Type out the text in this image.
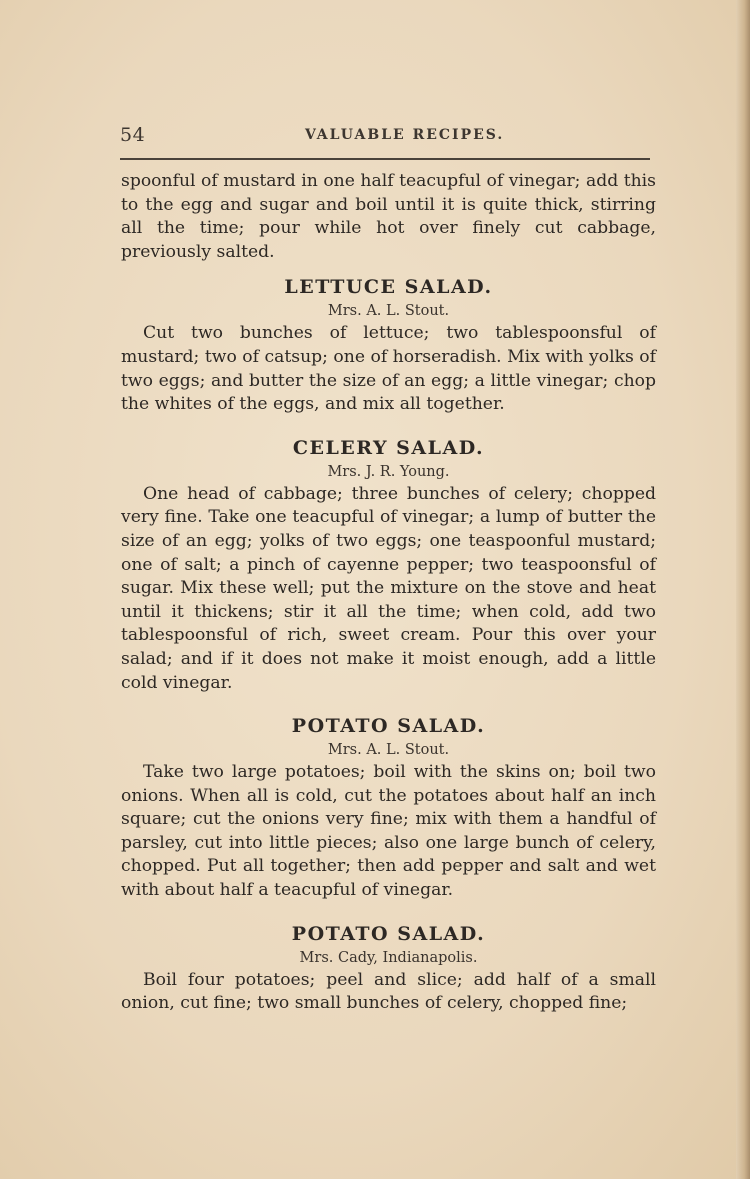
54	VALUABLE RECIPES.

spoonful of mustard in one half teacupful of vinegar; add this to the egg and sugar and boil until it is quite thick, stirring all the time; pour while hot over finely cut cabbage, previously salted.

LETTUCE SALAD.

Mrs. A. L. Stout.

Cut two bunches of lettuce; two tablespoonsful of mustard; two of catsup; one of horseradish. Mix with yolks of two eggs; and butter the size of an egg; a little vinegar; chop the whites of the eggs, and mix all together.

CELERY SALAD.

Mrs. J. R. Young.

One head of cabbage; three bunches of celery; chopped very fine. Take one teacupful of vinegar; a lump of butter the size of an egg; yolks of two eggs; one teaspoonful mustard; one of salt; a pinch of cayenne pepper; two teaspoonsful of sugar. Mix these well; put the mixture on the stove and heat until it thickens; stir it all the time; when cold, add two tablespoonsful of rich, sweet cream. Pour this over your salad; and if it does not make it moist enough, add a little cold vinegar.

POTATO SALAD.

Mrs. A. L. Stout.

Take two large potatoes; boil with the skins on; boil two onions. When all is cold, cut the potatoes about half an inch square; cut the onions very fine; mix with them a handful of parsley, cut into little pieces; also one large bunch of celery, chopped. Put all together; then add pepper and salt and wet with about half a teacupful of vinegar.

POTATO SALAD.

Mrs. Cady, Indianapolis.

Boil four potatoes; peel and slice; add half of a small onion, cut fine; two small bunches of celery, chopped fine;
